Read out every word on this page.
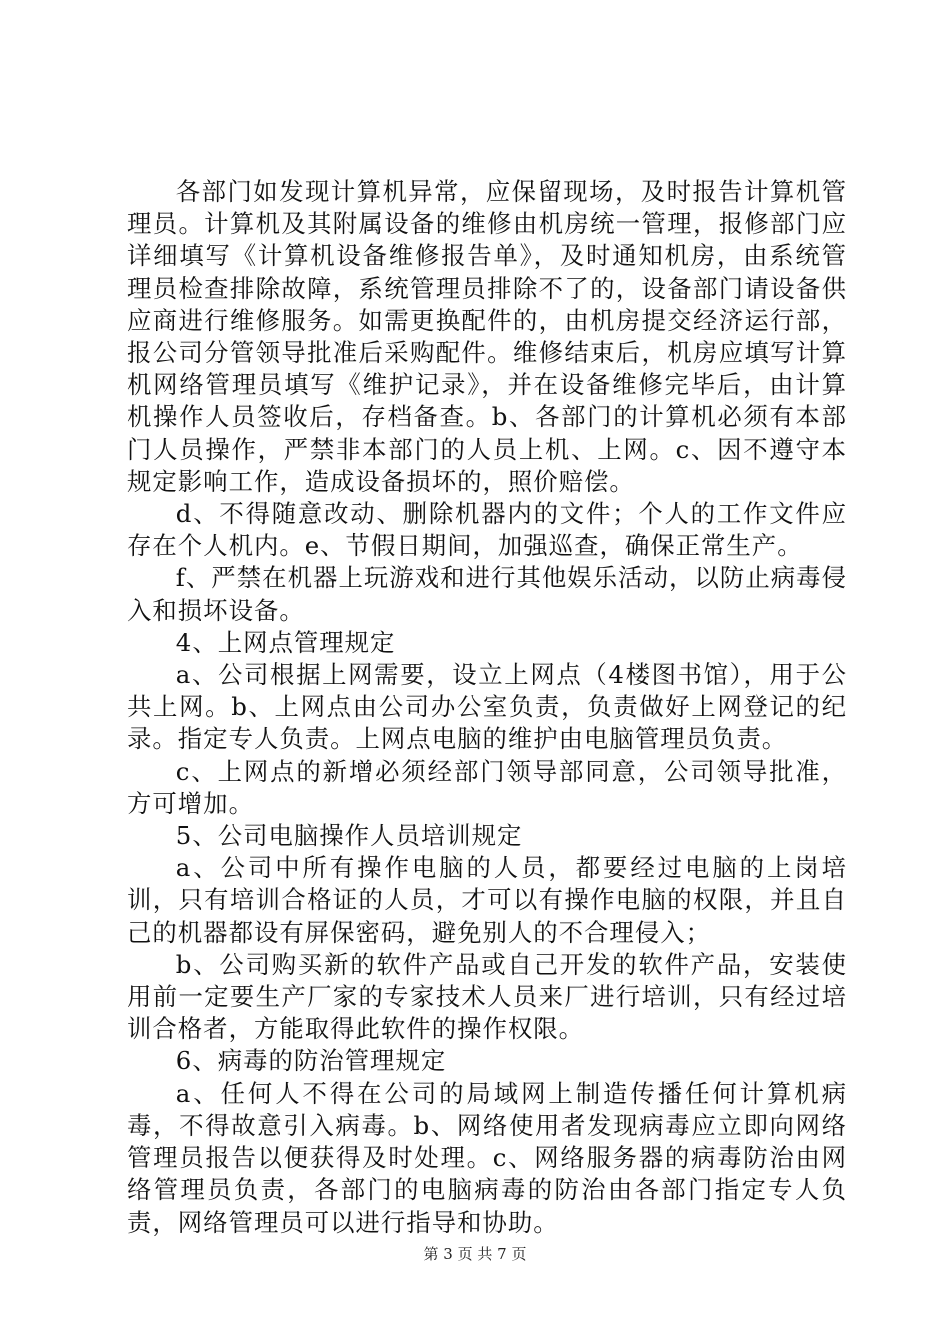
各部门如发现计算机异常，应保留现场，及时报告计算机管理员。计算机及其附属设备的维修由机房统一管理，报修部门应详细填写《计算机设备维修报告单》，及时通知机房，由系统管理员检查排除故障，系统管理员排除不了的，设备部门请设备供应商进行维修服务。如需更换配件的，由机房提交经济运行部，报公司分管领导批准后采购配件。维修结束后，机房应填写计算机网络管理员填写《维护记录》，并在设备维修完毕后，由计算机操作人员签收后，存档备查。b、各部门的计算机必须有本部门人员操作，严禁非本部门的人员上机、上网。c、因不遵守本规定影响工作，造成设备损坏的，照价赔偿。

d、不得随意改动、删除机器内的文件；个人的工作文件应存在个人机内。e、节假日期间，加强巡查，确保正常生产。

f、严禁在机器上玩游戏和进行其他娱乐活动，以防止病毒侵入和损坏设备。

4、上网点管理规定

a、公司根据上网需要，设立上网点（4楼图书馆），用于公共上网。b、上网点由公司办公室负责，负责做好上网登记的纪录。指定专人负责。上网点电脑的维护由电脑管理员负责。

c、上网点的新增必须经部门领导部同意，公司领导批准，方可增加。

5、公司电脑操作人员培训规定

a、公司中所有操作电脑的人员，都要经过电脑的上岗培训，只有培训合格证的人员，才可以有操作电脑的权限，并且自己的机器都设有屏保密码，避免别人的不合理侵入；

b、公司购买新的软件产品或自己开发的软件产品，安装使用前一定要生产厂家的专家技术人员来厂进行培训，只有经过培训合格者，方能取得此软件的操作权限。

6、病毒的防治管理规定

a、任何人不得在公司的局域网上制造传播任何计算机病毒，不得故意引入病毒。b、网络使用者发现病毒应立即向网络管理员报告以便获得及时处理。c、网络服务器的病毒防治由网络管理员负责，各部门的电脑病毒的防治由各部门指定专人负责，网络管理员可以进行指导和协助。

第 3 页 共 7 页
